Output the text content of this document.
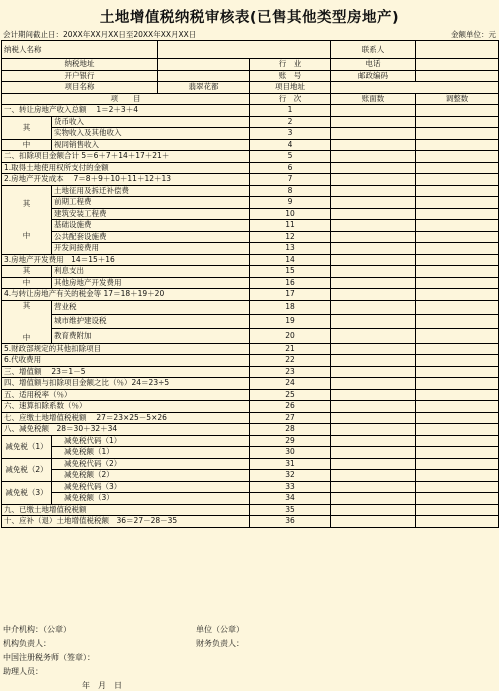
土地增值税纳税审核表(已售其他类型房地产)
会计期间截止日：20XX年XX月XX日至20XX年XX月XX日	金额单位：元
纳税人名称				联系人		
纳税地址			行　业	电话		
开户银行			账　号	邮政编码		
项目名称		翡翠花都	项目地址			
项　　目			行　次	账面数	调整数	
一、转让房地产收入总额　 1＝2＋3＋4			1			
其	货币收入		2			
	实物收入及其他收入		3			
中	视同销售收入		4			
二、扣除项目金额合计 5＝6＋7＋14＋17＋21＋			5			
1.取得土地使用权所支付的金额			6			
2.房地产开发成本　 7＝8＋9＋10＋11＋12＋13			7			

其
中	土地征用及拆迁补偿费		8			
	前期工程费		9			
	建筑安装工程费		10			
	基础设施费		11			
	公共配套设施费		12			
	开发间接费用		13			
3.房地产开发费用　14＝15＋16			14			
其	利息支出		15			
中	其他房地产开发费用		16			
4.与转让房地产有关的税金等 17＝18＋19＋20			17			

其
中	营业税		18			
	城市维护建设税		19			
	教育费附加		20			
5.财政部规定的其他扣除项目			21			
6.代收费用			22			
三、增值额　 23＝1－5			23			
四、增值额与扣除项目金额之比（％）24＝23÷5			24			
五、适用税率（％）			25			
六、速算扣除系数（％）			26			
七、应缴土地增值税税额　 27＝23×25－5×26			27			
八、减免税额　28＝30＋32＋34			28			
减免税（1）	减免税代码（1）		29			
	减免税额（1）		30			
减免税（2）	减免税代码（2）		31			
	减免税额（2）		32			
减免税（3）	减免税代码（3）		33			
	减免税额（3）		34			
九、已缴土地增值税税额			35			
十、应补（退）土地增值税税额　36＝27－28－35			36			
中介机构：（公章）	单位（公章）
机构负责人：	财务负责人：
中国注册税务师（签章）：
助理人员：
年　月　日
